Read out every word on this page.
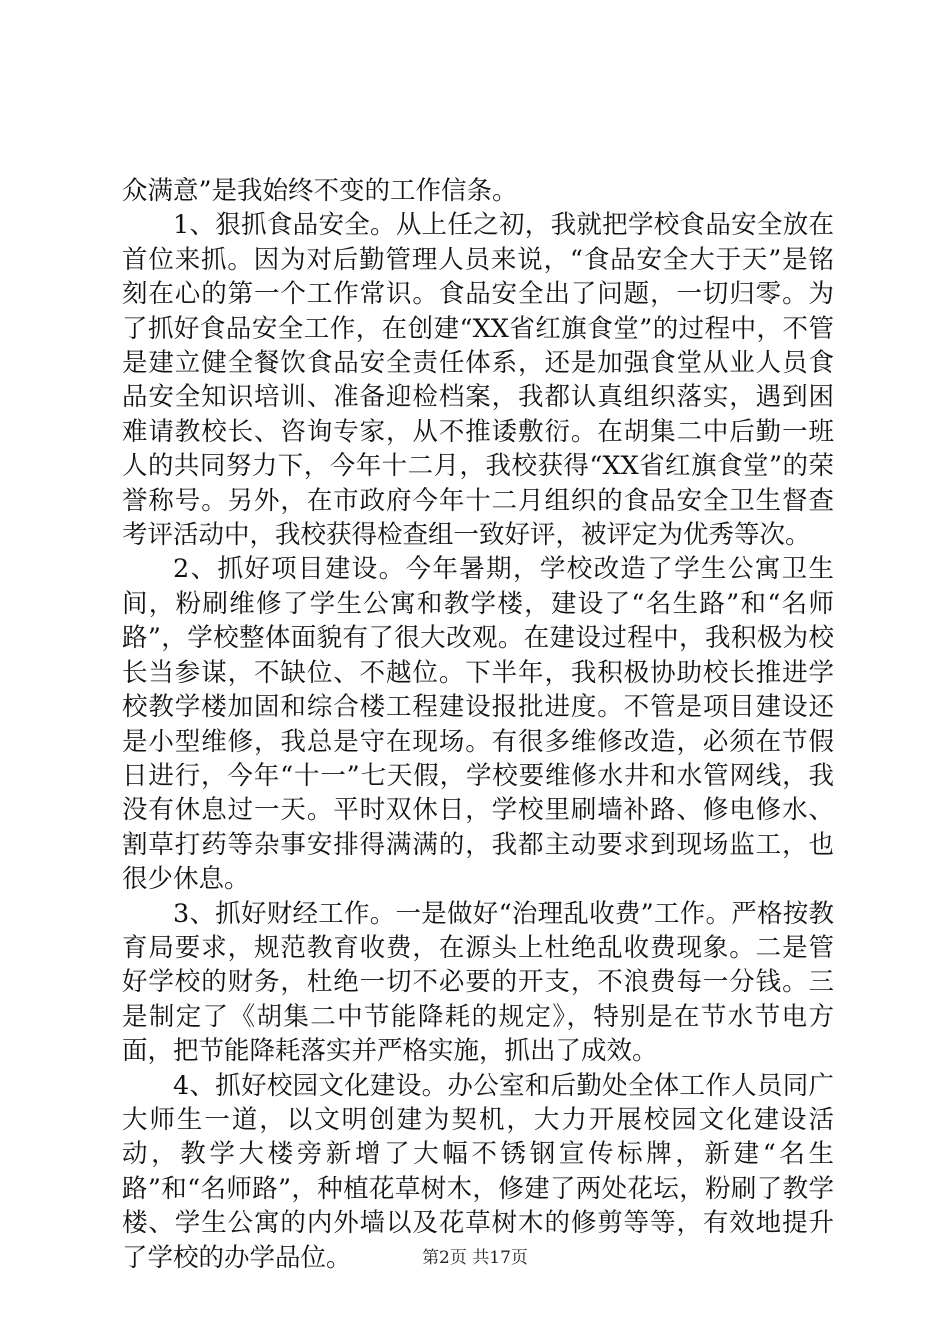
众满意”是我始终不变的工作信条。

1、狠抓食品安全。从上任之初，我就把学校食品安全放在首位来抓。因为对后勤管理人员来说，“食品安全大于天”是铭刻在心的第一个工作常识。食品安全出了问题，一切归零。为了抓好食品安全工作，在创建“XX省红旗食堂”的过程中，不管是建立健全餐饮食品安全责任体系，还是加强食堂从业人员食品安全知识培训、准备迎检档案，我都认真组织落实，遇到困难请教校长、咨询专家，从不推诿敷衍。在胡集二中后勤一班人的共同努力下，今年十二月，我校获得“XX省红旗食堂”的荣誉称号。另外，在市政府今年十二月组织的食品安全卫生督查考评活动中，我校获得检查组一致好评，被评定为优秀等次。

2、抓好项目建设。今年暑期，学校改造了学生公寓卫生间，粉刷维修了学生公寓和教学楼，建设了“名生路”和“名师路”，学校整体面貌有了很大改观。在建设过程中，我积极为校长当参谋，不缺位、不越位。下半年，我积极协助校长推进学校教学楼加固和综合楼工程建设报批进度。不管是项目建设还是小型维修，我总是守在现场。有很多维修改造，必须在节假日进行，今年“十一”七天假，学校要维修水井和水管网线，我没有休息过一天。平时双休日，学校里刷墙补路、修电修水、割草打药等杂事安排得满满的，我都主动要求到现场监工，也很少休息。

3、抓好财经工作。一是做好“治理乱收费”工作。严格按教育局要求，规范教育收费，在源头上杜绝乱收费现象。二是管好学校的财务，杜绝一切不必要的开支，不浪费每一分钱。三是制定了《胡集二中节能降耗的规定》，特别是在节水节电方面，把节能降耗落实并严格实施，抓出了成效。

4、抓好校园文化建设。办公室和后勤处全体工作人员同广大师生一道，以文明创建为契机，大力开展校园文化建设活动，教学大楼旁新增了大幅不锈钢宣传标牌，新建“名生路”和“名师路”，种植花草树木，修建了两处花坛，粉刷了教学楼、学生公寓的内外墙以及花草树木的修剪等等，有效地提升了学校的办学品位。	第2页 共17页
